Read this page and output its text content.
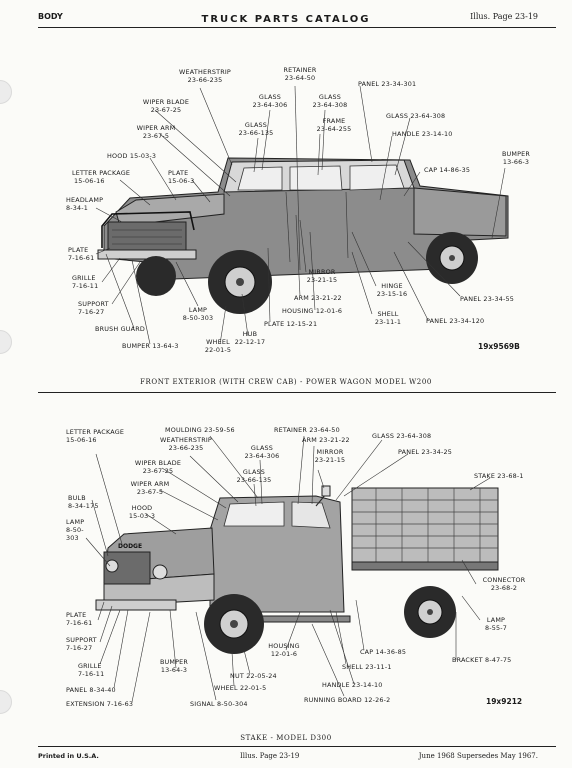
BODY	TRUCK PARTS CATALOG	Illus. Page 23-19
DODGE
WEATHERSTRIP
23-66-235
RETAINER
23-64-50
PANEL 23-34-301
GLASS
23-64-306
GLASS
23-64-308
WIPER BLADE
23-67-25
GLASS 23-64-308
FRAME
23-64-255
GLASS
23-66-135
WIPER ARM
23-67-5	HANDLE 23-14-10
BUMPER
13-66-3
HOOD 15-03-3
LETTER PACKAGE
15-06-16
PLATE
15-06-3
CAP 14-86-35
HEADLAMP
8-34-1
PLATE
7-16-61
GRILLE
7-16-11
MIRROR
23-21-15
HINGE
23-15-16
SUPPORT
7-16-27
ARM 23-21-22	PANEL 23-34-55
LAMP
8-50-303
HOUSING 12-01-6	SHELL
23-11-1
BRUSH GUARD
PLATE 12-15-21	PANEL 23-34-120
HUB
22-12-17
BUMPER 13-64-3	WHEEL
22-01-5	19x9569B
FRONT EXTERIOR (WITH CREW CAB) - POWER WAGON MODEL W200
LETTER PACKAGE
15-06-16
MOULDING 23-59-56	RETAINER 23-64-50
WEATHERSTRIP
23-66-235
ARM 23-21-22	GLASS 23-64-308
GLASS
23-64-306	MIRROR
23-21-15
PANEL 23-34-25
WIPER BLADE
23-67-25	GLASS
23-66-135	STAKE 23-68-1
WIPER ARM
23-67-5
BULB
8-34-175	HOOD
15-03-3
LAMP
8-50-
303
CONNECTOR
23-68-2
LAMP
8-55-7
PLATE
7-16-61
SUPPORT
7-16-27	HOUSING
12-01-6	CAP 14-36-85
BRACKET 8-47-75
GRILLE
7-16-11
BUMPER
13-64-3	SHELL 23-11-1
NUT 22-05-24
PANEL 8-34-40	WHEEL 22-01-5	HANDLE 23-14-10
EXTENSION 7-16-63	SIGNAL 8-50-304	RUNNING BOARD 12-26-2	19x9212
STAKE - MODEL D300
Printed in U.S.A.	Illus. Page 23-19	June 1968 Supersedes May 1967.
